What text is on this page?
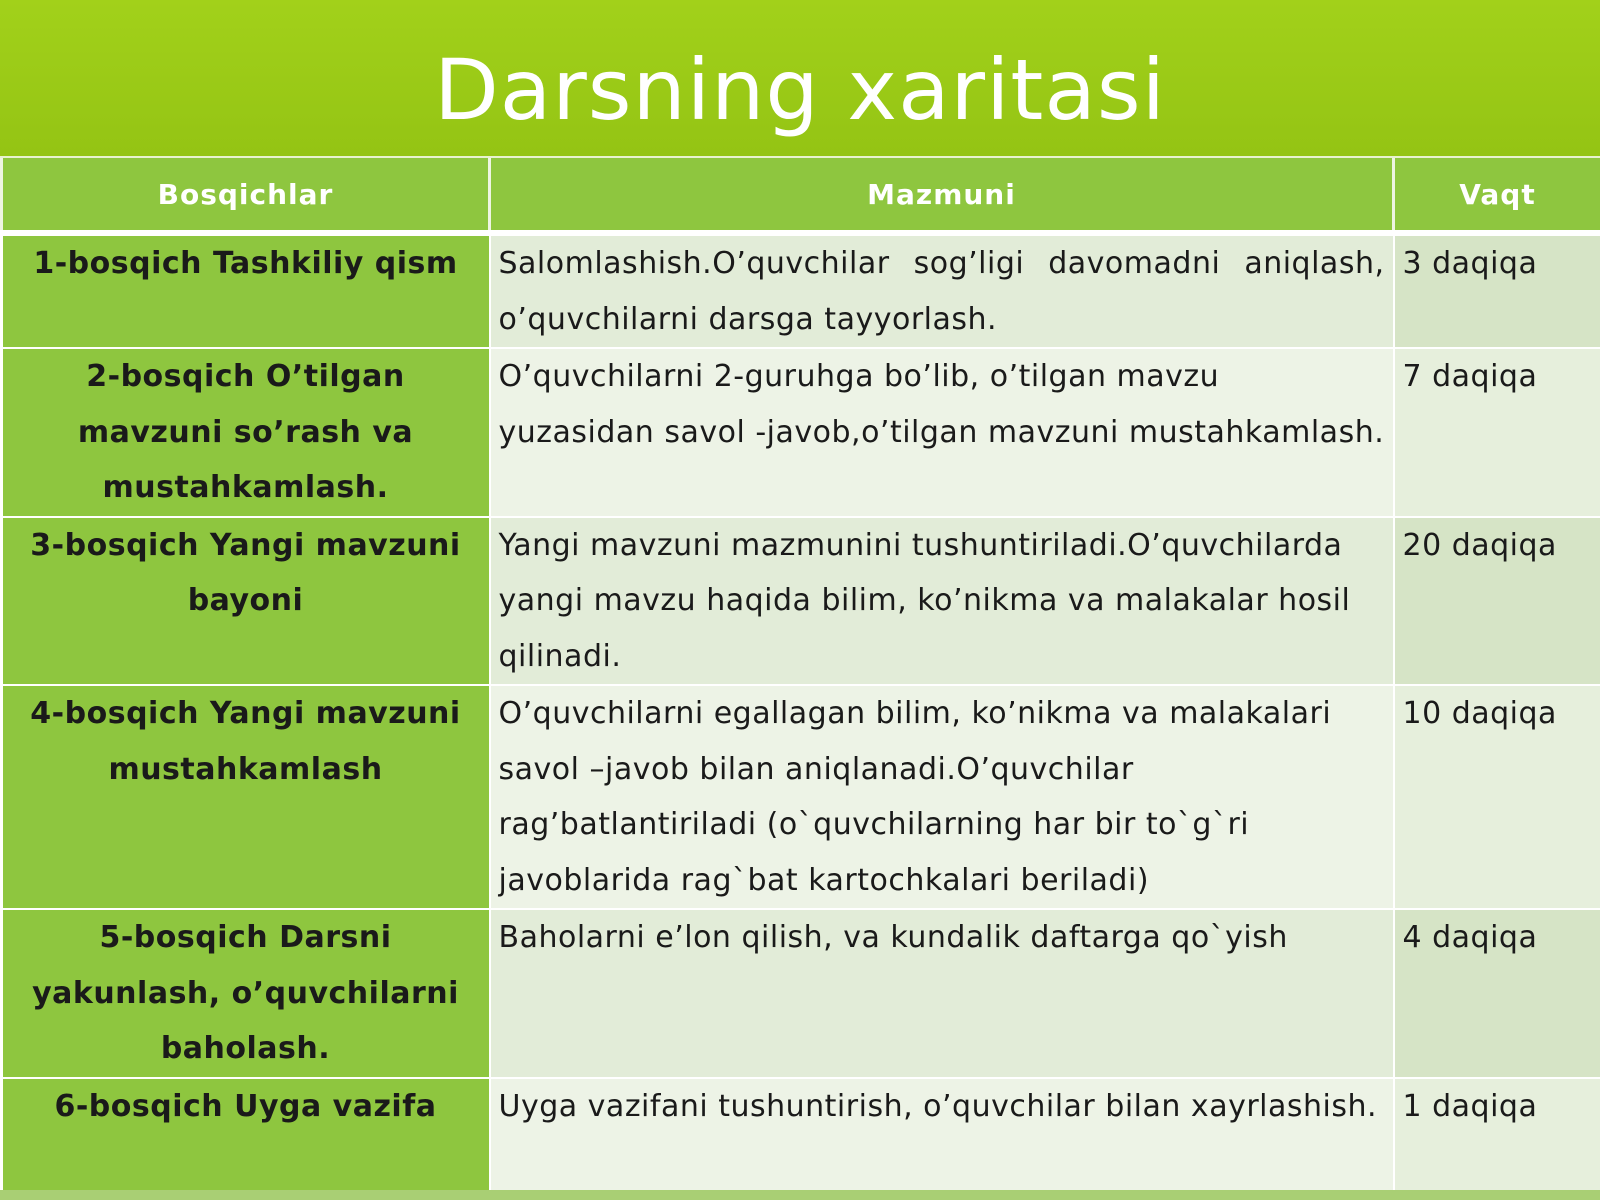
Darsning xaritasi
Bosqichlar	Mazmuni	Vaqt
1-bosqich Tashkiliy qism	Salomlashish.O’quvchilar sog’ligi davomadni aniqlash, o’quvchilarni darsga tayyorlash.	3 daqiqa
2-bosqich O’tilgan mavzuni so’rash va mustahkamlash.	O’quvchilarni 2-guruhga bo’lib, o’tilgan mavzu yuzasidan savol -javob,o’tilgan mavzuni mustahkamlash.	7 daqiqa
3-bosqich Yangi mavzuni bayoni	Yangi mavzuni mazmunini tushuntiriladi.O’quvchilarda yangi mavzu haqida bilim, ko’nikma va malakalar hosil qilinadi.	20 daqiqa
4-bosqich Yangi mavzuni mustahkamlash	O’quvchilarni egallagan bilim, ko’nikma va malakalari savol –javob bilan aniqlanadi.O’quvchilar rag’batlantiriladi (o`quvchilarning har bir to`g`ri javoblarida rag`bat kartochkalari beriladi)	10 daqiqa
5-bosqich Darsni yakunlash, o’quvchilarni baholash.	Baholarni e’lon qilish, va kundalik daftarga qo`yish	4 daqiqa
6-bosqich Uyga vazifa	Uyga vazifani tushuntirish, o’quvchilar bilan xayrlashish.	1 daqiqa
